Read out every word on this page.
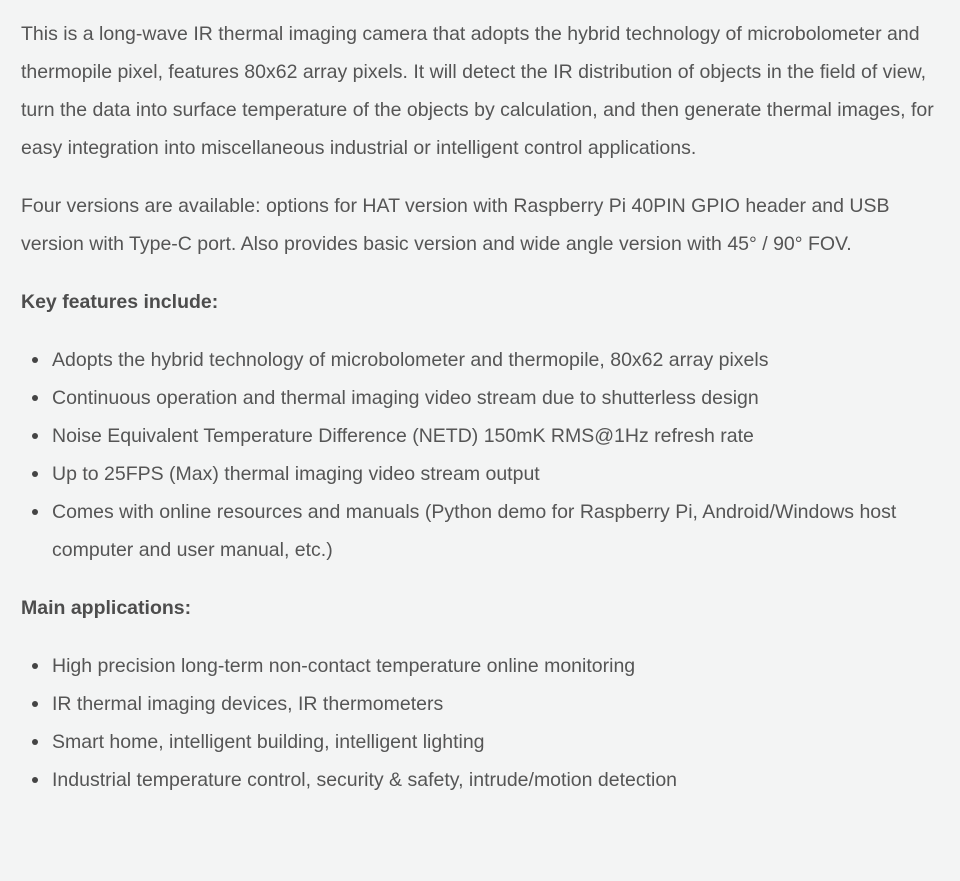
This is a long-wave IR thermal imaging camera that adopts the hybrid technology of microbolometer and thermopile pixel, features 80x62 array pixels. It will detect the IR distribution of objects in the field of view, turn the data into surface temperature of the objects by calculation, and then generate thermal images, for easy integration into miscellaneous industrial or intelligent control applications.

Four versions are available: options for HAT version with Raspberry Pi 40PIN GPIO header and USB version with Type-C port. Also provides basic version and wide angle version with 45° / 90° FOV.

Key features include:
Adopts the hybrid technology of microbolometer and thermopile, 80x62 array pixels
Continuous operation and thermal imaging video stream due to shutterless design
Noise Equivalent Temperature Difference (NETD) 150mK RMS@1Hz refresh rate
Up to 25FPS (Max) thermal imaging video stream output
Comes with online resources and manuals (Python demo for Raspberry Pi, Android/Windows host computer and user manual, etc.)
Main applications:
High precision long-term non-contact temperature online monitoring
IR thermal imaging devices, IR thermometers
Smart home, intelligent building, intelligent lighting
Industrial temperature control, security & safety, intrude/motion detection
